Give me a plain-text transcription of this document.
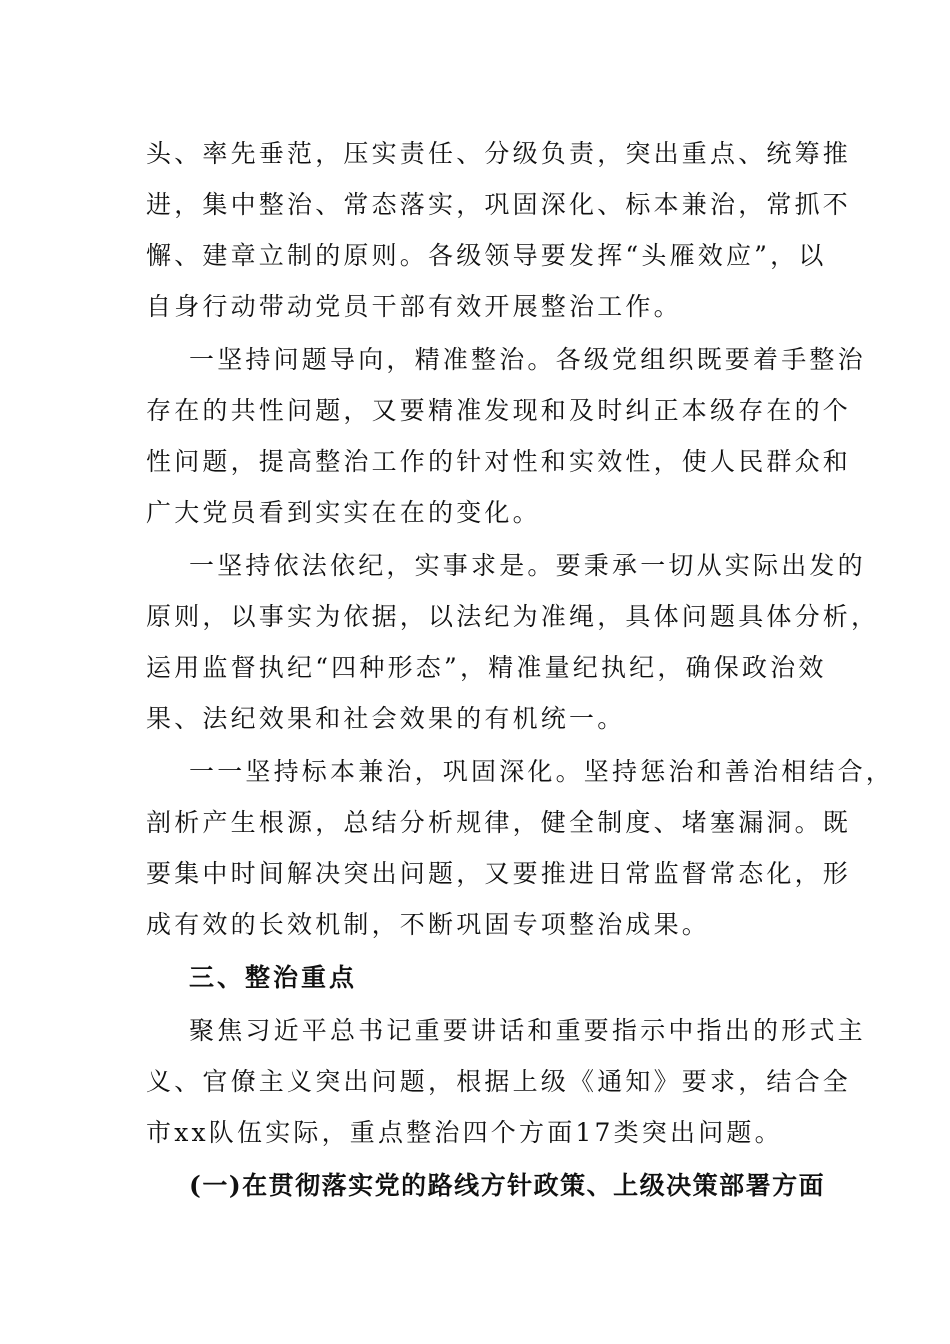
头、率先垂范，压实责任、分级负责，突出重点、统筹推
进，集中整治、常态落实，巩固深化、标本兼治，常抓不
懈、建章立制的原则。各级领导要发挥“头雁效应”，以
自身行动带动党员干部有效开展整治工作。
一坚持问题导向，精准整治。各级党组织既要着手整治
存在的共性问题，又要精准发现和及时纠正本级存在的个
性问题，提高整治工作的针对性和实效性，使人民群众和
广大党员看到实实在在的变化。
一坚持依法依纪，实事求是。要秉承一切从实际出发的
原则，以事实为依据，以法纪为准绳，具体问题具体分析，
运用监督执纪“四种形态”，精准量纪执纪，确保政治效
果、法纪效果和社会效果的有机统一。
一一坚持标本兼治，巩固深化。坚持惩治和善治相结合，
剖析产生根源，总结分析规律，健全制度、堵塞漏洞。既
要集中时间解决突出问题，又要推进日常监督常态化，形
成有效的长效机制，不断巩固专项整治成果。
三、整治重点
聚焦习近平总书记重要讲话和重要指示中指出的形式主
义、官僚主义突出问题，根据上级《通知》要求，结合全
市xx队伍实际，重点整治四个方面17类突出问题。
(一)在贯彻落实党的路线方针政策、上级决策部署方面
